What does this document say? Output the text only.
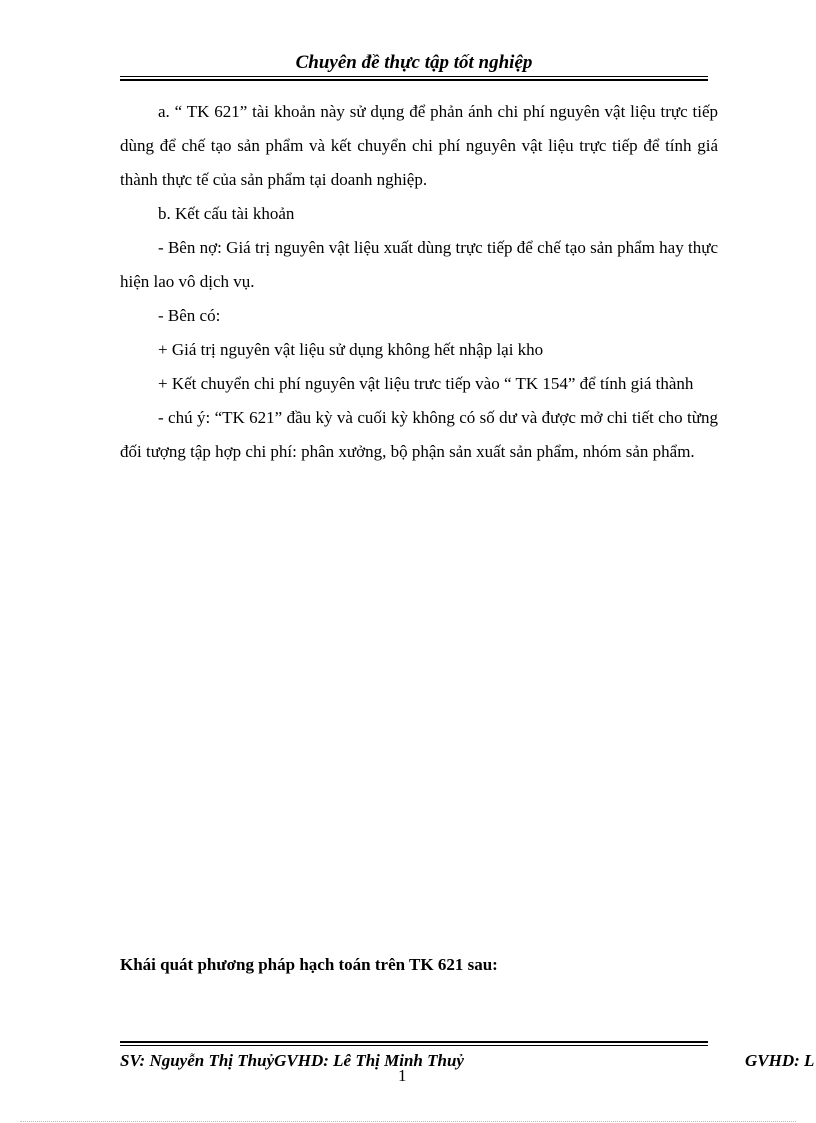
Chuyên đề thực tập tốt nghiệp

a. “ TK 621” tài khoản này sử dụng để phản ánh chi phí nguyên vật liệu trực tiếp dùng để chế tạo sản phẩm và kết chuyển chi phí nguyên vật liệu trực tiếp để tính giá thành thực tế của sản phẩm tại doanh nghiệp.

b. Kết cấu tài khoản

- Bên nợ: Giá trị nguyên vật liệu xuất dùng trực tiếp để chế tạo sản phẩm hay thực hiện lao vô dịch vụ.

- Bên có:

+ Giá trị nguyên vật liệu sử dụng không hết nhập lại kho

+ Kết chuyển chi phí nguyên vật liệu trưc tiếp vào “ TK 154” để tính giá thành

- chú ý: “TK 621” đầu kỳ và cuối kỳ không có số dư và được mở chi tiết cho từng đối tượng tập hợp chi phí: phân xưởng, bộ phận sản xuất sản phẩm, nhóm sản phẩm.

Khái quát phương pháp hạch toán trên TK 621 sau:
SV: Nguyễn Thị ThuỷGVHD: Lê Thị Minh Thuỷ	GVHD: L
1
